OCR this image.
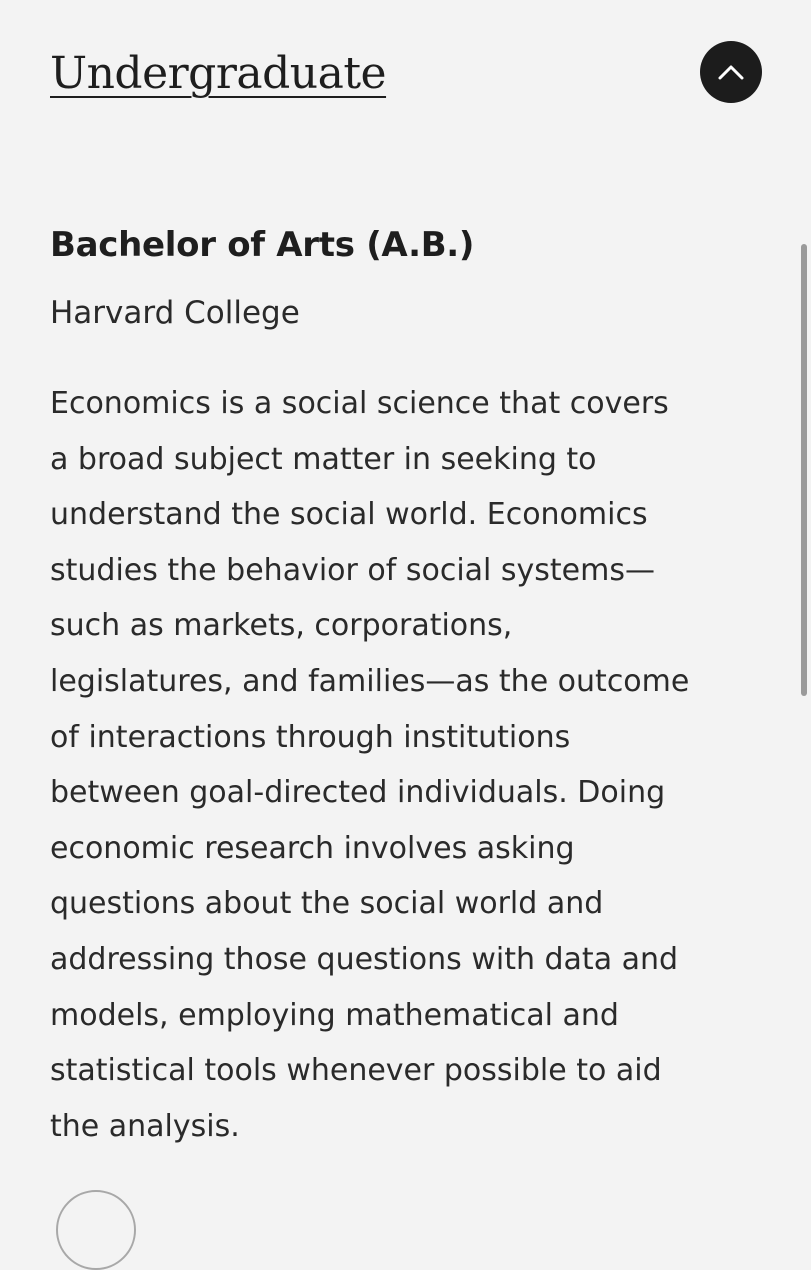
Undergraduate
Bachelor of Arts (A.B.)

Harvard College

Economics is a social science that covers
a broad subject matter in seeking to
understand the social world. Economics
studies the behavior of social systems—
such as markets, corporations,
legislatures, and families—as the outcome
of interactions through institutions
between goal-directed individuals. Doing
economic research involves asking
questions about the social world and
addressing those questions with data and
models, employing mathematical and
statistical tools whenever possible to aid
the analysis.
